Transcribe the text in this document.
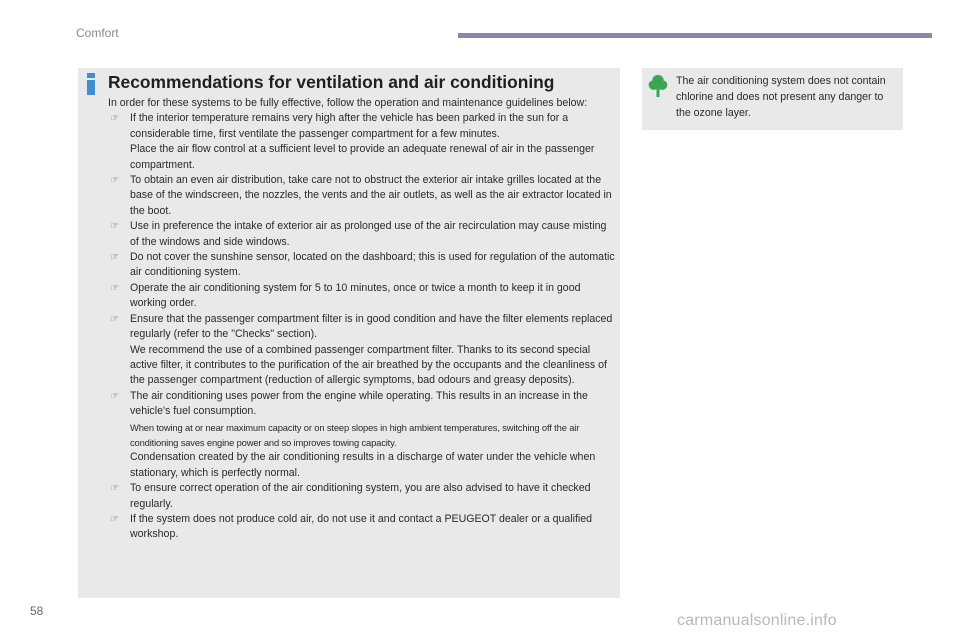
Comfort
Recommendations for ventilation and air conditioning

In order for these systems to be fully effective, follow the operation and maintenance guidelines below:

☞ If the interior temperature remains very high after the vehicle has been parked in the sun for a considerable time, first ventilate the passenger compartment for a few minutes.

Place the air flow control at a sufficient level to provide an adequate renewal of air in the passenger compartment.

☞ To obtain an even air distribution, take care not to obstruct the exterior air intake grilles located at the base of the windscreen, the nozzles, the vents and the air outlets, as well as the air extractor located in the boot.

☞ Use in preference the intake of exterior air as prolonged use of the air recirculation may cause misting of the windows and side windows.

☞ Do not cover the sunshine sensor, located on the dashboard; this is used for regulation of the automatic air conditioning system.

☞ Operate the air conditioning system for 5 to 10 minutes, once or twice a month to keep it in good working order.

☞ Ensure that the passenger compartment filter is in good condition and have the filter elements replaced regularly (refer to the "Checks" section).

We recommend the use of a combined passenger compartment filter. Thanks to its second special active filter, it contributes to the purification of the air breathed by the occupants and the cleanliness of the passenger compartment (reduction of allergic symptoms, bad odours and greasy deposits).

☞ The air conditioning uses power from the engine while operating. This results in an increase in the vehicle's fuel consumption.

When towing at or near maximum capacity or on steep slopes in high ambient temperatures, switching off the air conditioning saves engine power and so improves towing capacity.

Condensation created by the air conditioning results in a discharge of water under the vehicle when stationary, which is perfectly normal.

☞ To ensure correct operation of the air conditioning system, you are also advised to have it checked regularly.

☞ If the system does not produce cold air, do not use it and contact a PEUGEOT dealer or a qualified workshop.

The air conditioning system does not contain chlorine and does not present any danger to the ozone layer.
58
carmanualsonline.info
